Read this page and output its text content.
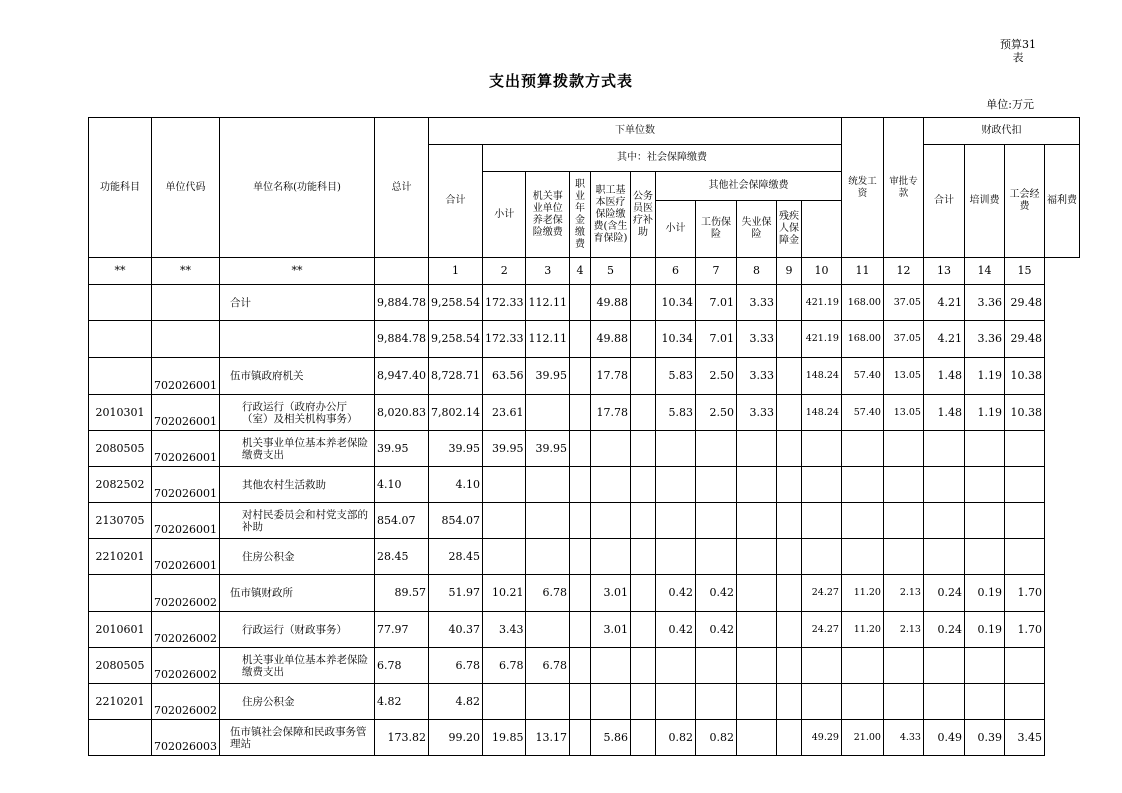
预算31
表
支出预算拨款方式表
单位:万元
功能科目	单位代码	单位名称(功能科目)	总计	下单位数											统发工资	审批专款	财政代扣			
				合计	其中：社会保障缴费												合计	培训费	工会经费	福利费
					小计	机关事业单位养老保险缴费	职业年金缴费	职工基本医疗保险缴费(含生育保险)	公务员医疗补助	其他社会保障缴费										
										小计	工伤保险	失业保险	残疾人保障金							
**	**	**		1	2	3	4	5		6	7	8	9	10	11	12	13	14	15	
		合计	9,884.78	9,258.54	172.33	112.11		49.88		10.34	7.01	3.33		421.19	168.00	37.05	4.21	3.36	29.48	
			9,884.78	9,258.54	172.33	112.11		49.88		10.34	7.01	3.33		421.19	168.00	37.05	4.21	3.36	29.48	
	702026001	伍市镇政府机关	8,947.40	8,728.71	63.56	39.95		17.78		5.83	2.50	3.33		148.24	57.40	13.05	1.48	1.19	10.38	
2010301	702026001	行政运行（政府办公厅（室）及相关机构事务）	8,020.83	7,802.14	23.61			17.78		5.83	2.50	3.33		148.24	57.40	13.05	1.48	1.19	10.38	
2080505	702026001	机关事业单位基本养老保险缴费支出	39.95	39.95	39.95	39.95														
2082502	702026001	其他农村生活救助	4.10	4.10																
2130705	702026001	对村民委员会和村党支部的补助	854.07	854.07																
2210201	702026001	住房公积金	28.45	28.45																
	702026002	伍市镇财政所	89.57	51.97	10.21	6.78		3.01		0.42	0.42			24.27	11.20	2.13	0.24	0.19	1.70	
2010601	702026002	行政运行（财政事务）	77.97	40.37	3.43			3.01		0.42	0.42			24.27	11.20	2.13	0.24	0.19	1.70	
2080505	702026002	机关事业单位基本养老保险缴费支出	6.78	6.78	6.78	6.78														
2210201	702026002	住房公积金	4.82	4.82																
	702026003	伍市镇社会保障和民政事务管理站	173.82	99.20	19.85	13.17		5.86		0.82	0.82			49.29	21.00	4.33	0.49	0.39	3.45	
